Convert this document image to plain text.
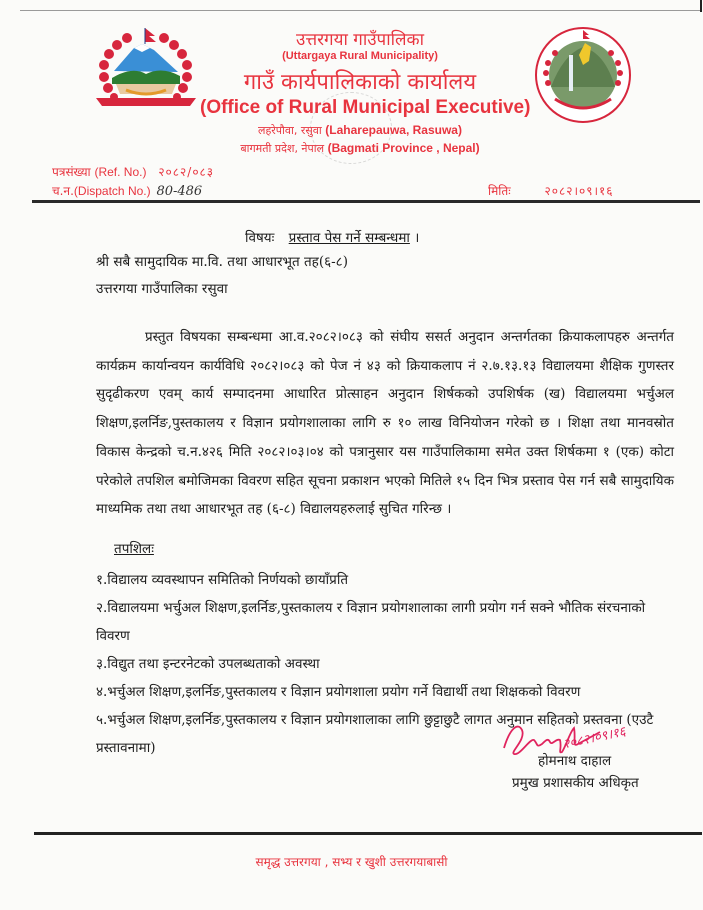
उत्तरगया गाउँपालिका
(Uttargaya Rural Municipality)
गाउँ कार्यपालिकाको कार्यालय
(Office of Rural Municipal Executive)
लहरेपौवा, रसुवा (Laharepauwa, Rasuwa)
बागमती प्रदेश, नेपाल (Bagmati Province , Nepal)
पत्रसंख्या (Ref. No.) २०८२/०८३
च.न.(Dispatch No.) 80-486	मितिः	२०८२।०९।१६
विषयः प्रस्ताव पेस गर्ने सम्बन्धमा ।
श्री सबै सामुदायिक मा.वि. तथा आधारभूत तह(६-८)
उत्तरगया गाउँपालिका रसुवा
प्रस्तुत विषयका सम्बन्धमा आ.व.२०८२।०८३ को संघीय ससर्त अनुदान अन्तर्गतका क्रियाकलापहरु अन्तर्गत कार्यक्रम कार्यान्वयन कार्यविधि २०८२।०८३ को पेज नं ४३ को क्रियाकलाप नं २.७.१३.१३ विद्यालयमा शैक्षिक गुणस्तर सुदृढीकरण एवम् कार्य सम्पादनमा आधारित प्रोत्साहन अनुदान शिर्षकको उपशिर्षक (ख) विद्यालयमा भर्चुअल शिक्षण,इलर्निङ,पुस्तकालय र विज्ञान प्रयोगशालाका लागि रु १० लाख विनियोजन गरेको छ । शिक्षा तथा मानवस्रोत विकास केन्द्रको च.न.४२६ मिति २०८२।०३।०४ को पत्रानुसार यस गाउँपालिकामा समेत उक्त शिर्षकमा १ (एक) कोटा परेकोले तपशिल बमोजिमका विवरण सहित सूचना प्रकाशन भएको मितिले १५ दिन भित्र प्रस्ताव पेस गर्न सबै सामुदायिक माध्यमिक तथा तथा आधारभूत तह (६-८) विद्यालयहरुलाई सुचित गरिन्छ ।
तपशिलः
१.विद्यालय व्यवस्थापन समितिको निर्णयको छायाँप्रति
२.विद्यालयमा भर्चुअल शिक्षण,इलर्निङ,पुस्तकालय र विज्ञान प्रयोगशालाका लागी प्रयोग गर्न सक्ने भौतिक संरचनाको विवरण
३.विद्युत तथा इन्टरनेटको उपलब्धताको अवस्था
४.भर्चुअल शिक्षण,इलर्निङ,पुस्तकालय र विज्ञान प्रयोगशाला प्रयोग गर्ने विद्यार्थी तथा शिक्षकको विवरण
५.भर्चुअल शिक्षण,इलर्निङ,पुस्तकालय र विज्ञान प्रयोगशालाका लागि छुट्टाछुटै लागत अनुमान सहितको प्रस्तवना (एउटै प्रस्तावनामा)	२०८२।०९।१६
होमनाथ दाहाल
प्रमुख प्रशासकीय अधिकृत
समृद्ध उत्तरगया , सभ्य र खुशी उत्तरगयाबासी
